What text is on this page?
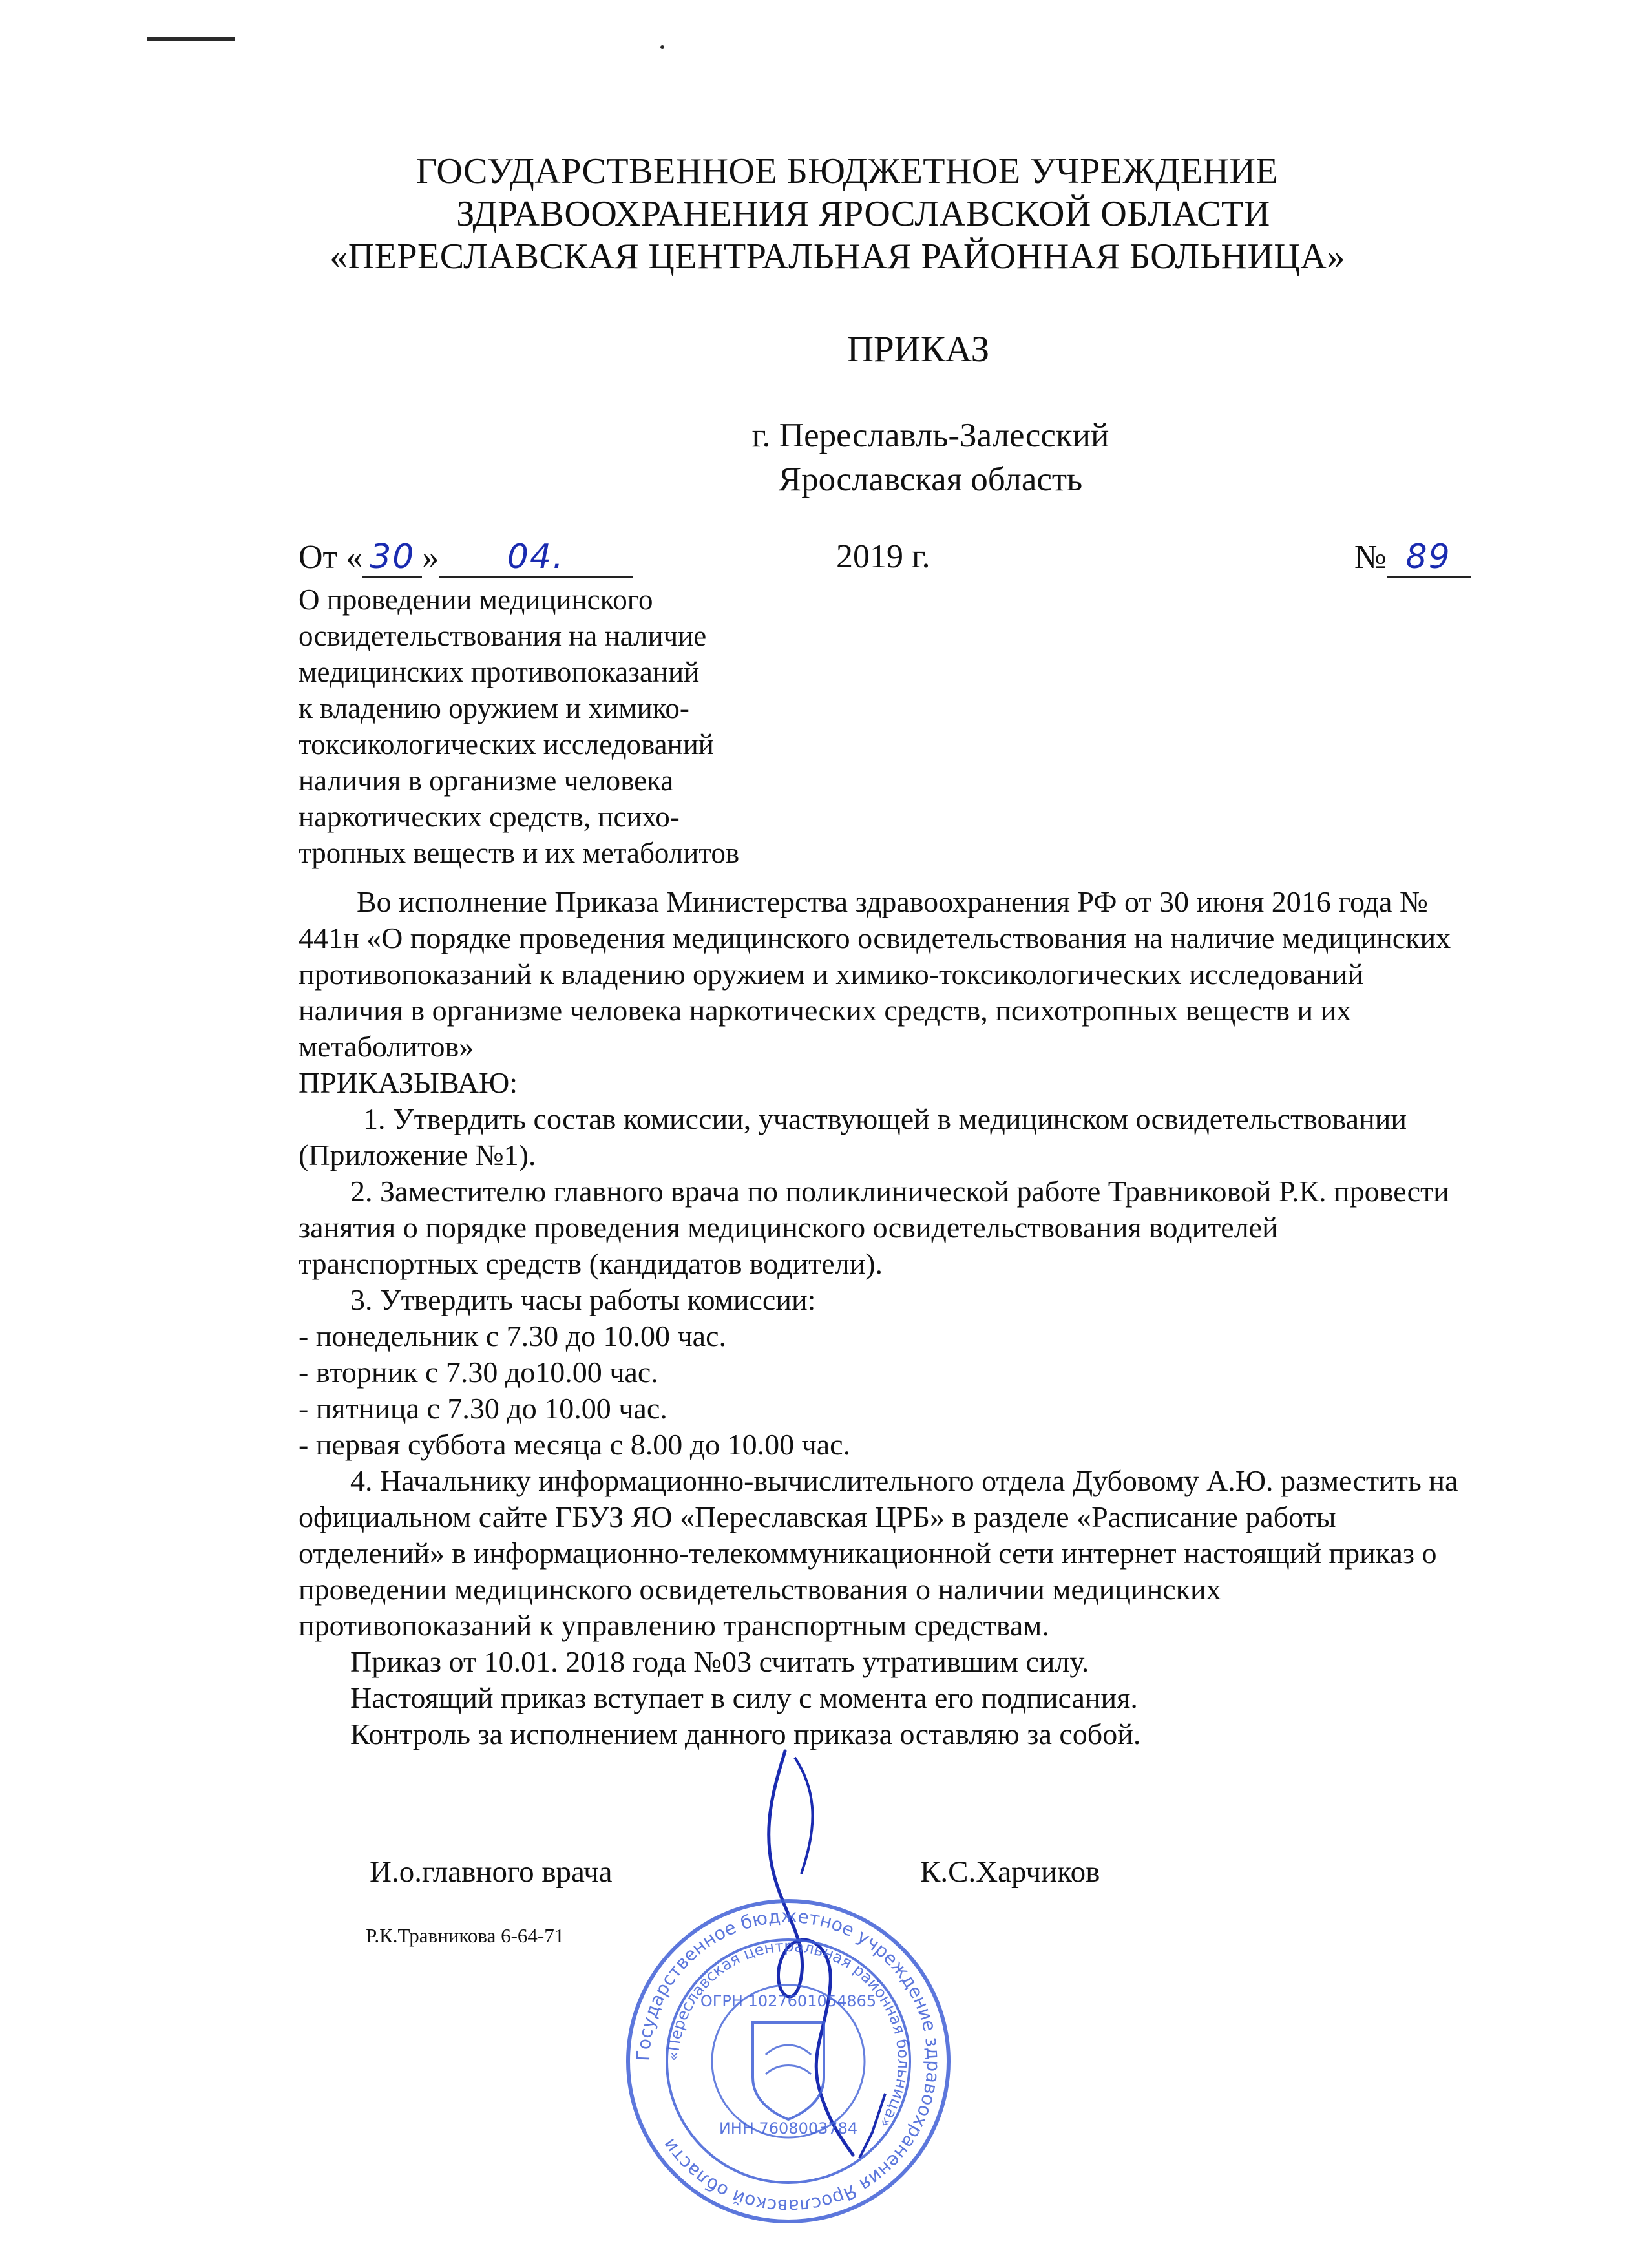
ГОСУДАРСТВЕННОЕ БЮДЖЕТНОЕ УЧРЕЖДЕНИЕ
ЗДРАВООХРАНЕНИЯ ЯРОСЛАВСКОЙ ОБЛАСТИ
«ПЕРЕСЛАВСКАЯ ЦЕНТРАЛЬНАЯ РАЙОННАЯ БОЛЬНИЦА»
ПРИКАЗ
г. Переславль-Залесский
Ярославская область
От « 30 » 04.	2019 г.	№ 89
О проведении медицинского
освидетельствования на наличие
медицинских противопоказаний
к владению оружием и химико-
токсикологических исследований
наличия в организме человека
наркотических средств, психо-
тропных веществ и их метаболитов

Во исполнение Приказа Министерства здравоохранения РФ от 30 июня 2016 года №

441н «О порядке проведения медицинского освидетельствования на наличие медицинских

противопоказаний к владению оружием и химико-токсикологических исследований

наличия в организме человека наркотических средств, психотропных веществ и их

метаболитов»

ПРИКАЗЫВАЮ:

1. Утвердить состав комиссии, участвующей в медицинском освидетельствовании

(Приложение №1).

2. Заместителю главного врача по поликлинической работе Травниковой Р.К. провести

занятия о порядке проведения медицинского освидетельствования водителей

транспортных средств (кандидатов водители).

3. Утвердить часы работы комиссии:

- понедельник с 7.30 до 10.00 час.

- вторник с 7.30 до10.00 час.

- пятница с 7.30 до 10.00 час.

- первая суббота месяца с 8.00 до 10.00 час.

4. Начальнику информационно-вычислительного отдела Дубовому А.Ю. разместить на

официальном сайте ГБУЗ ЯО «Переславская ЦРБ» в разделе «Расписание работы

отделений» в информационно-телекоммуникационной сети интернет настоящий приказ о

проведении медицинского освидетельствования о наличии медицинских

противопоказаний к управлению транспортным средствам.

Приказ от 10.01. 2018 года №03 считать утратившим силу.

Настоящий приказ вступает в силу с момента его подписания.

Контроль за исполнением данного приказа оставляю за собой.

И.о.главного врача	К.С.Харчиков
Р.К.Травникова 6-64-71
Государственное бюджетное учреждение здравоохранения Ярославской области
«Переславская центральная районная больница»
ОГРН 1027601054865
ИНН 7608003784
